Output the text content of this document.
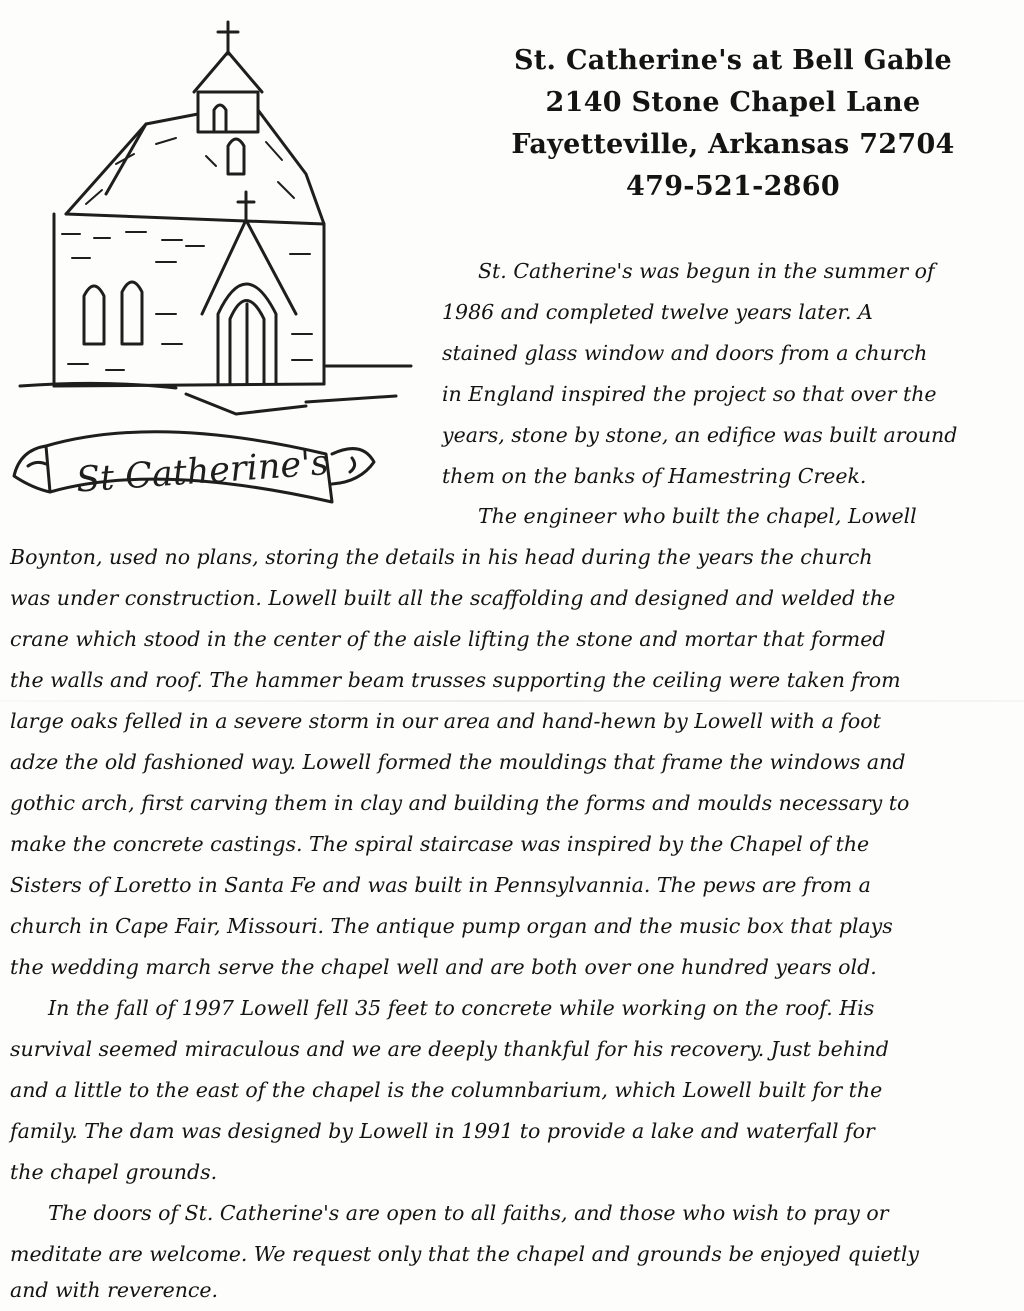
St Catherine's
St. Catherine's at Bell Gable
2140 Stone Chapel Lane
Fayetteville, Arkansas 72704
479-521-2860
St. Catherine's was begun in the summer of
1986 and completed twelve years later. A
stained glass window and doors from a church
in England inspired the project so that over the
years, stone by stone, an edifice was built around
them on the banks of Hamestring Creek.
The engineer who built the chapel, Lowell
Boynton, used no plans, storing the details in his head during the years the church
was under construction. Lowell built all the scaffolding and designed and welded the
crane which stood in the center of the aisle lifting the stone and mortar that formed
the walls and roof. The hammer beam trusses supporting the ceiling were taken from
large oaks felled in a severe storm in our area and hand-hewn by Lowell with a foot
adze the old fashioned way. Lowell formed the mouldings that frame the windows and
gothic arch, first carving them in clay and building the forms and moulds necessary to
make the concrete castings. The spiral staircase was inspired by the Chapel of the
Sisters of Loretto in Santa Fe and was built in Pennsylvannia. The pews are from a
church in Cape Fair, Missouri. The antique pump organ and the music box that plays
the wedding march serve the chapel well and are both over one hundred years old.
In the fall of 1997 Lowell fell 35 feet to concrete while working on the roof. His
survival seemed miraculous and we are deeply thankful for his recovery. Just behind
and a little to the east of the chapel is the columnbarium, which Lowell built for the
family. The dam was designed by Lowell in 1991 to provide a lake and waterfall for
the chapel grounds.
The doors of St. Catherine's are open to all faiths, and those who wish to pray or
meditate are welcome. We request only that the chapel and grounds be enjoyed quietly
and with reverence.
